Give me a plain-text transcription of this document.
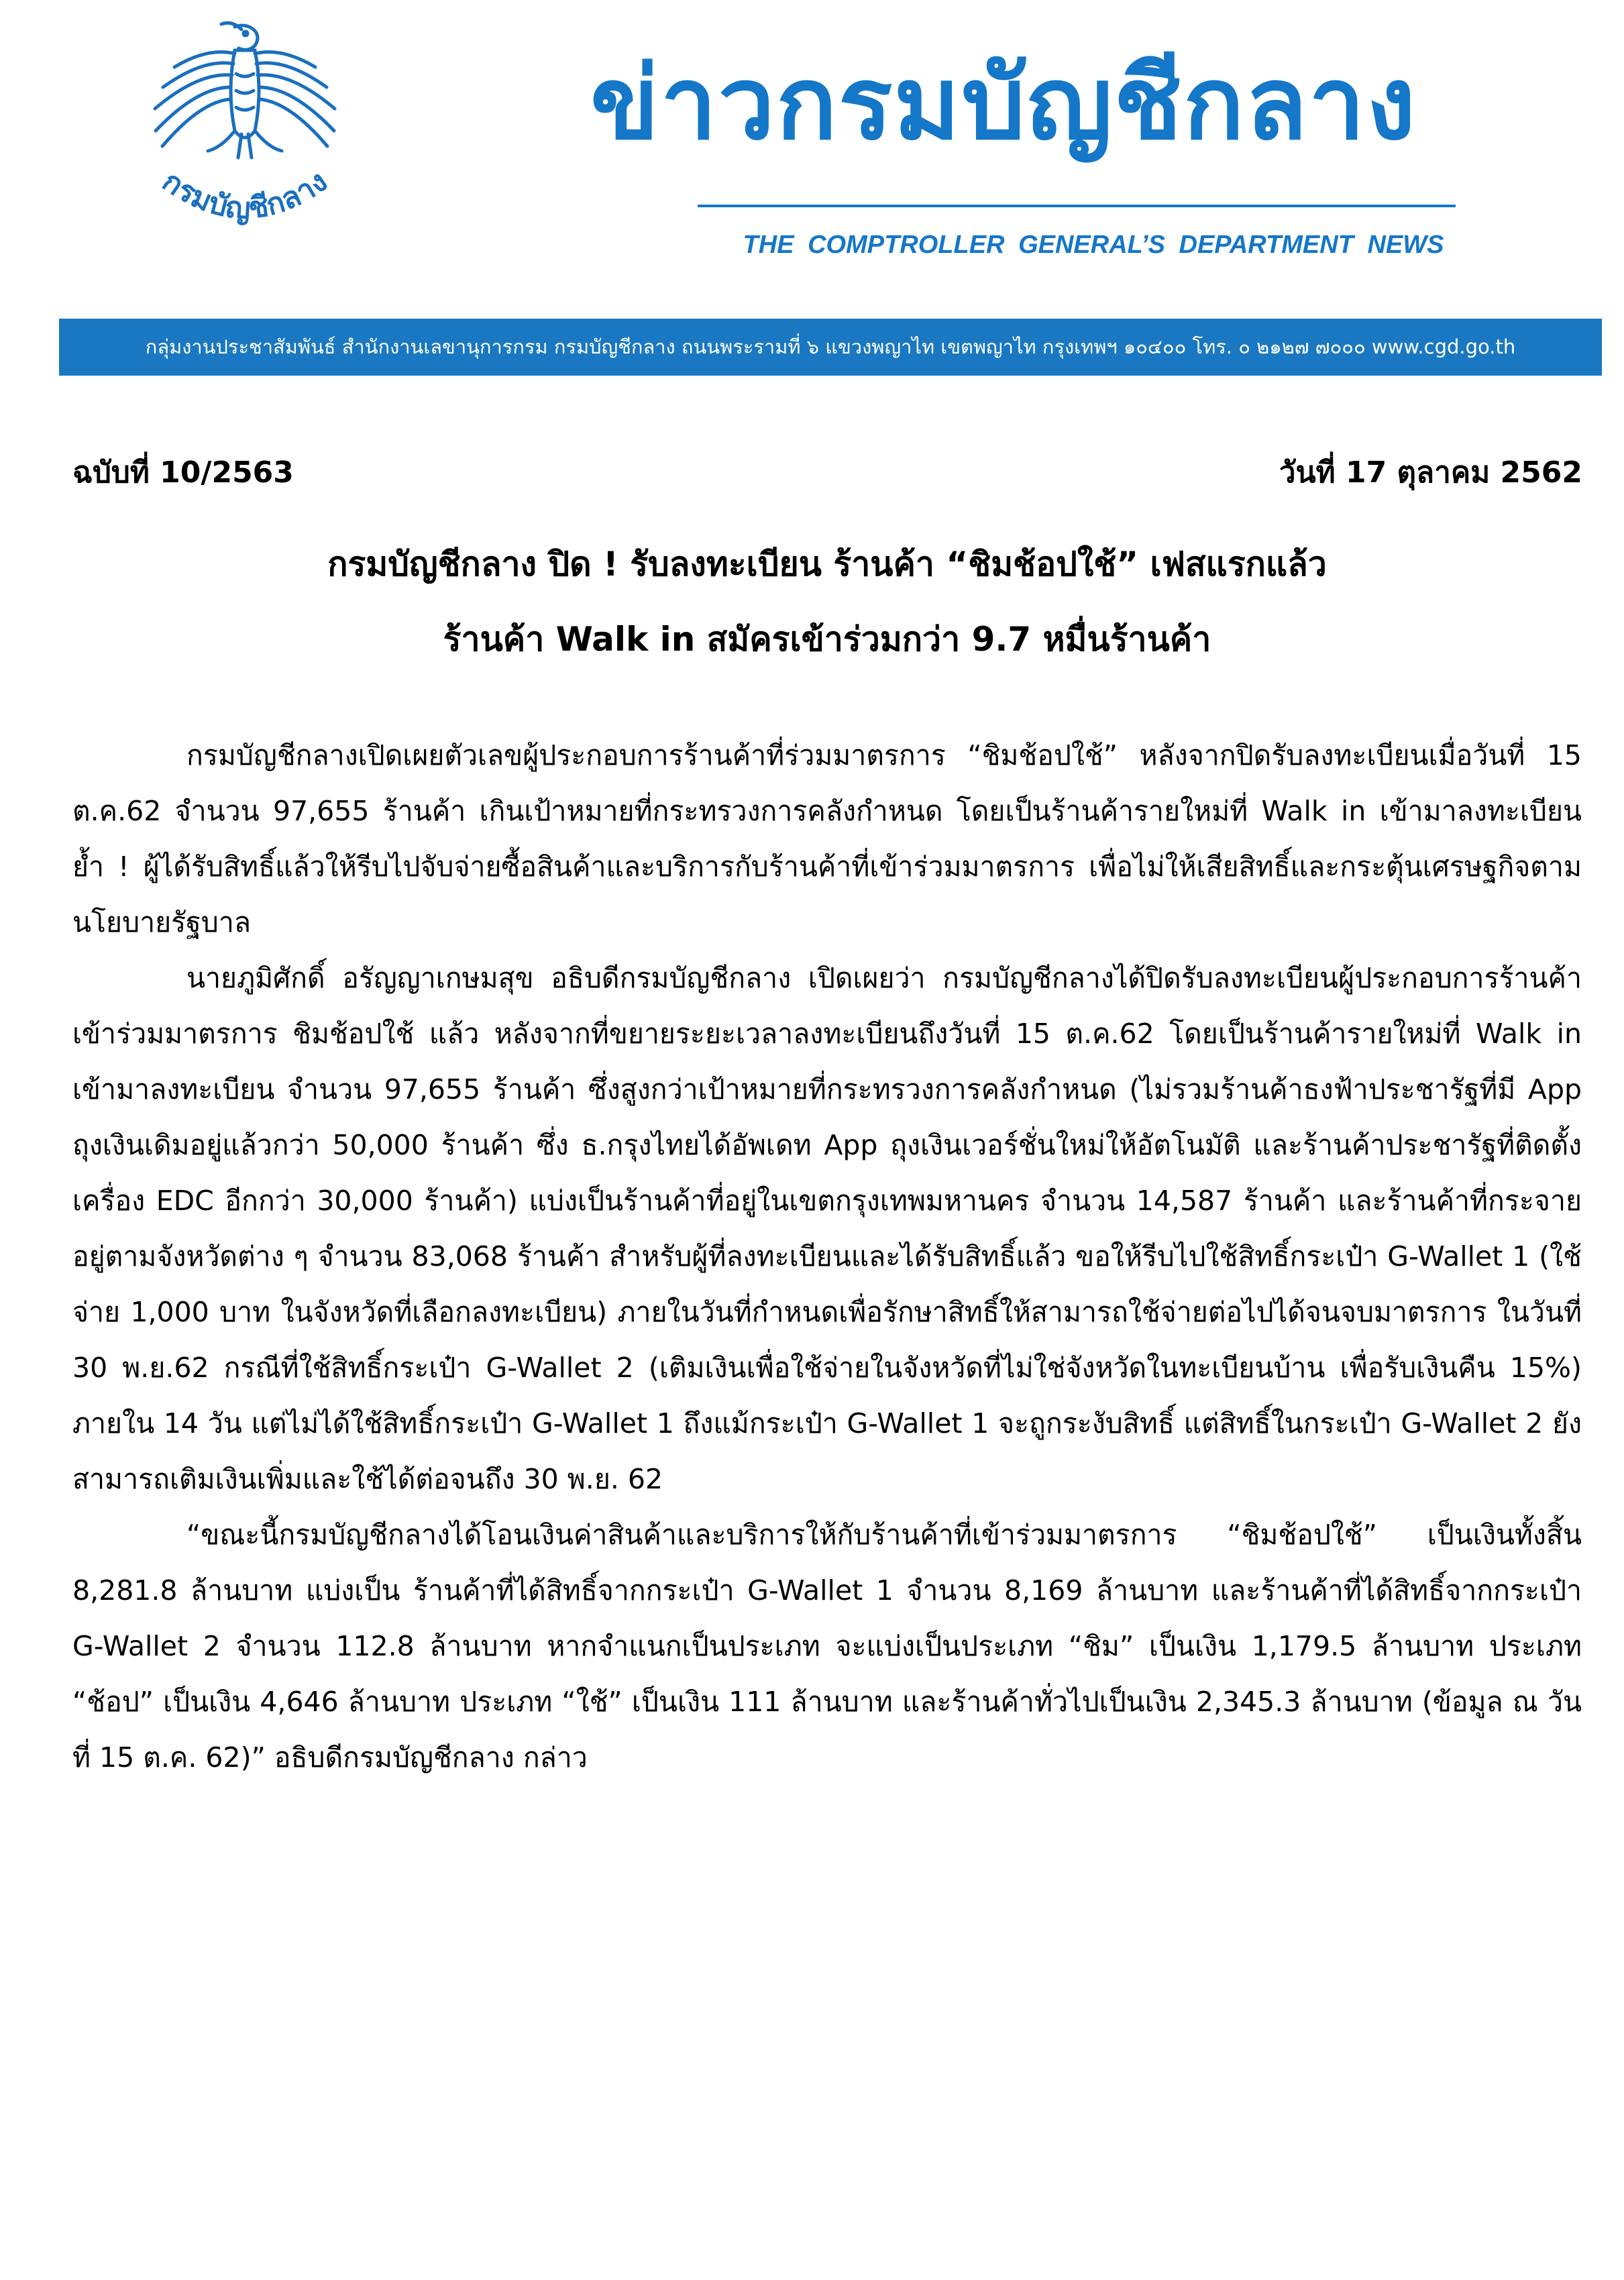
กรมบัญชีกลาง
ข่าวกรมบัญชีกลาง
THE COMPTROLLER GENERAL’S DEPARTMENT NEWS
กลุ่มงานประชาสัมพันธ์ สำนักงานเลขานุการกรม กรมบัญชีกลาง ถนนพระรามที่ ๖ แขวงพญาไท เขตพญาไท กรุงเทพฯ ๑๐๔๐๐ โทร. ๐ ๒๑๒๗ ๗๐๐๐ www.cgd.go.th
ฉบับที่ 10/2563	วันที่ 17 ตุลาคม 2562
กรมบัญชีกลาง ปิด ! รับลงทะเบียน ร้านค้า “ชิมช้อปใช้” เฟสแรกแล้ว
ร้านค้า Walk in สมัครเข้าร่วมกว่า 9.7 หมื่นร้านค้า

กรมบัญชีกลางเปิดเผยตัวเลขผู้ประกอบการร้านค้าที่ร่วมมาตรการ “ชิมช้อปใช้” หลังจากปิดรับลงทะเบียนเมื่อวันที่ 15 ต.ค.62 จำนวน 97,655 ร้านค้า เกินเป้าหมายที่กระทรวงการคลังกำหนด โดยเป็นร้านค้ารายใหม่ที่ Walk in เข้ามาลงทะเบียน ย้ำ ! ผู้ได้รับสิทธิ์แล้วให้รีบไปจับจ่ายซื้อสินค้าและบริการกับร้านค้าที่เข้าร่วมมาตรการ เพื่อไม่ให้เสียสิทธิ์และกระตุ้นเศรษฐกิจตามนโยบายรัฐบาล

นายภูมิศักดิ์ อรัญญาเกษมสุข อธิบดีกรมบัญชีกลาง เปิดเผยว่า กรมบัญชีกลางได้ปิดรับลงทะเบียนผู้ประกอบการร้านค้า เข้าร่วมมาตรการ ชิมช้อปใช้ แล้ว หลังจากที่ขยายระยะเวลาลงทะเบียนถึงวันที่ 15 ต.ค.62 โดยเป็นร้านค้ารายใหม่ที่ Walk in เข้ามาลงทะเบียน จำนวน 97,655 ร้านค้า ซึ่งสูงกว่าเป้าหมายที่กระทรวงการคลังกำหนด (ไม่รวมร้านค้าธงฟ้าประชารัฐที่มี App ถุงเงินเดิมอยู่แล้วกว่า 50,000 ร้านค้า ซึ่ง ธ.กรุงไทยได้อัพเดท App ถุงเงินเวอร์ชั่นใหม่ให้อัตโนมัติ และร้านค้าประชารัฐที่ติดตั้งเครื่อง EDC อีกกว่า 30,000 ร้านค้า) แบ่งเป็นร้านค้าที่อยู่ในเขตกรุงเทพมหานคร จำนวน 14,587 ร้านค้า และร้านค้าที่กระจายอยู่ตามจังหวัดต่าง ๆ จำนวน 83,068 ร้านค้า สำหรับผู้ที่ลงทะเบียนและได้รับสิทธิ์แล้ว ขอให้รีบไปใช้สิทธิ์กระเป๋า G-Wallet 1 (ใช้จ่าย 1,000 บาท ในจังหวัดที่เลือกลงทะเบียน) ภายในวันที่กำหนดเพื่อรักษาสิทธิ์ให้สามารถใช้จ่ายต่อไปได้จนจบมาตรการ ในวันที่ 30 พ.ย.62 กรณีที่ใช้สิทธิ์กระเป๋า G-Wallet 2 (เติมเงินเพื่อใช้จ่ายในจังหวัดที่ไม่ใช่จังหวัดในทะเบียนบ้าน เพื่อรับเงินคืน 15%) ภายใน 14 วัน แต่ไม่ได้ใช้สิทธิ์กระเป๋า G-Wallet 1 ถึงแม้กระเป๋า G-Wallet 1 จะถูกระงับสิทธิ์ แต่สิทธิ์ในกระเป๋า G-Wallet 2 ยังสามารถเติมเงินเพิ่มและใช้ได้ต่อจนถึง 30 พ.ย. 62

“ขณะนี้กรมบัญชีกลางได้โอนเงินค่าสินค้าและบริการให้กับร้านค้าที่เข้าร่วมมาตรการ “ชิมช้อปใช้” เป็นเงินทั้งสิ้น 8,281.8 ล้านบาท แบ่งเป็น ร้านค้าที่ได้สิทธิ์จากกระเป๋า G-Wallet 1 จำนวน 8,169 ล้านบาท และร้านค้าที่ได้สิทธิ์จากกระเป๋า G-Wallet 2 จำนวน 112.8 ล้านบาท หากจำแนกเป็นประเภท จะแบ่งเป็นประเภท “ชิม” เป็นเงิน 1,179.5 ล้านบาท ประเภท “ช้อป” เป็นเงิน 4,646 ล้านบาท ประเภท “ใช้” เป็นเงิน 111 ล้านบาท และร้านค้าทั่วไปเป็นเงิน 2,345.3 ล้านบาท (ข้อมูล ณ วันที่ 15 ต.ค. 62)” อธิบดีกรมบัญชีกลาง กล่าว
